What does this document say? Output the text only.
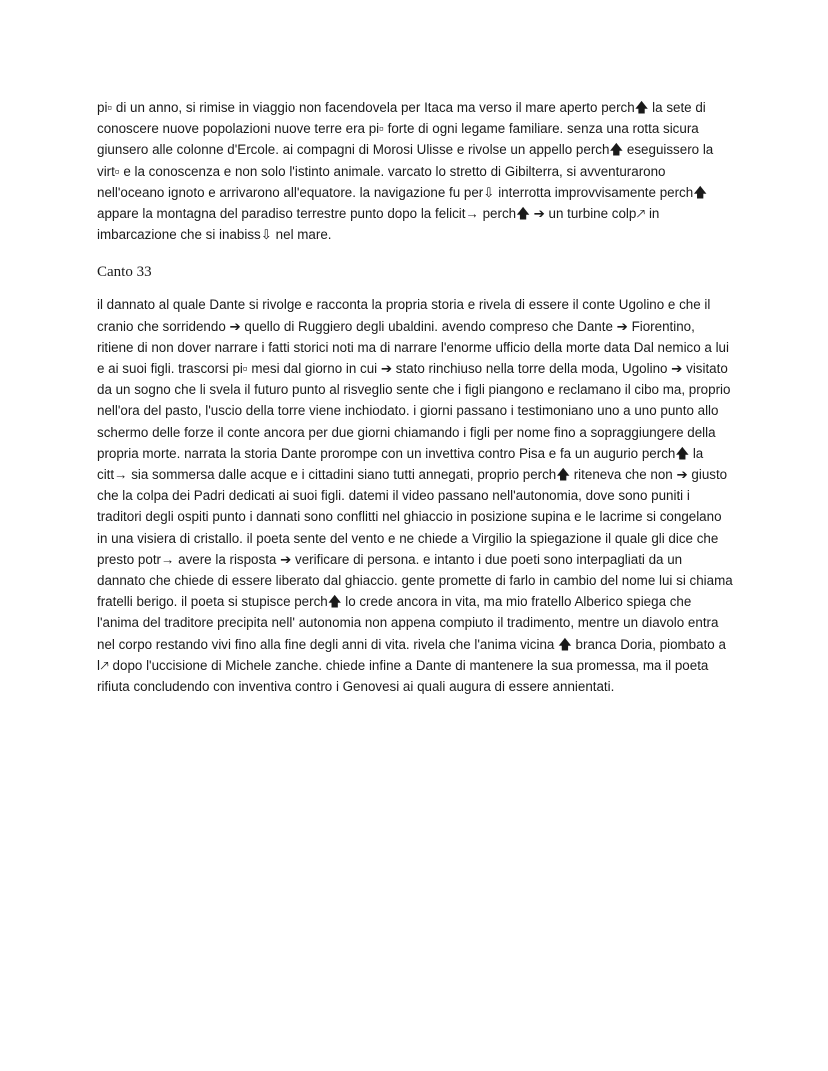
pi▫ di un anno, si rimise in viaggio non facendovela per Itaca ma verso il mare aperto perch🡅 la sete di conoscere nuove popolazioni nuove terre era pi▫ forte di ogni legame familiare. senza una rotta sicura giunsero alle colonne d'Ercole. ai compagni di Morosi Ulisse e rivolse un appello perch🡅 eseguissero la virt▫ e la conoscenza e non solo l'istinto animale. varcato lo stretto di Gibilterra, si avventurarono nell'oceano ignoto e arrivarono all'equatore. la navigazione fu per⇩ interrotta improvvisamente perch🡅 appare la montagna del paradiso terrestre punto dopo la felicit→ perch🡅 ➔ un turbine colp🡕 in imbarcazione che si inabiss⇩ nel mare.

Canto 33

il dannato al quale Dante si rivolge e racconta la propria storia e rivela di essere il conte Ugolino e che il cranio che sorridendo ➔ quello di Ruggiero degli ubaldini. avendo compreso che Dante ➔ Fiorentino, ritiene di non dover narrare i fatti storici noti ma di narrare l'enorme ufficio della morte data Dal nemico a lui e ai suoi figli. trascorsi pi▫ mesi dal giorno in cui ➔ stato rinchiuso nella torre della moda, Ugolino ➔ visitato da un sogno che li svela il futuro punto al risveglio sente che i figli piangono e reclamano il cibo ma, proprio nell'ora del pasto, l'uscio della torre viene inchiodato. i giorni passano i testimoniano uno a uno punto allo schermo delle forze il conte ancora per due giorni chiamando i figli per nome fino a sopraggiungere della propria morte. narrata la storia Dante prorompe con un invettiva contro Pisa e fa un augurio perch🡅 la citt→ sia sommersa dalle acque e i cittadini siano tutti annegati, proprio perch🡅 riteneva che non ➔ giusto che la colpa dei Padri dedicati ai suoi figli. datemi il video passano nell'autonomia, dove sono puniti i traditori degli ospiti punto i dannati sono conflitti nel ghiaccio in posizione supina e le lacrime si congelano in una visiera di cristallo. il poeta sente del vento e ne chiede a Virgilio la spiegazione il quale gli dice che presto potr→ avere la risposta ➔ verificare di persona. e intanto i due poeti sono interpagliati da un dannato che chiede di essere liberato dal ghiaccio. gente promette di farlo in cambio del nome lui si chiama fratelli berigo. il poeta si stupisce perch🡅 lo crede ancora in vita, ma mio fratello Alberico spiega che l'anima del traditore precipita nell' autonomia non appena compiuto il tradimento, mentre un diavolo entra nel corpo restando vivi fino alla fine degli anni di vita. rivela che l'anima vicina 🡅 branca Doria, piombato a l🡕 dopo l'uccisione di Michele zanche. chiede infine a Dante di mantenere la sua promessa, ma il poeta rifiuta concludendo con inventiva contro i Genovesi ai quali augura di essere annientati.
